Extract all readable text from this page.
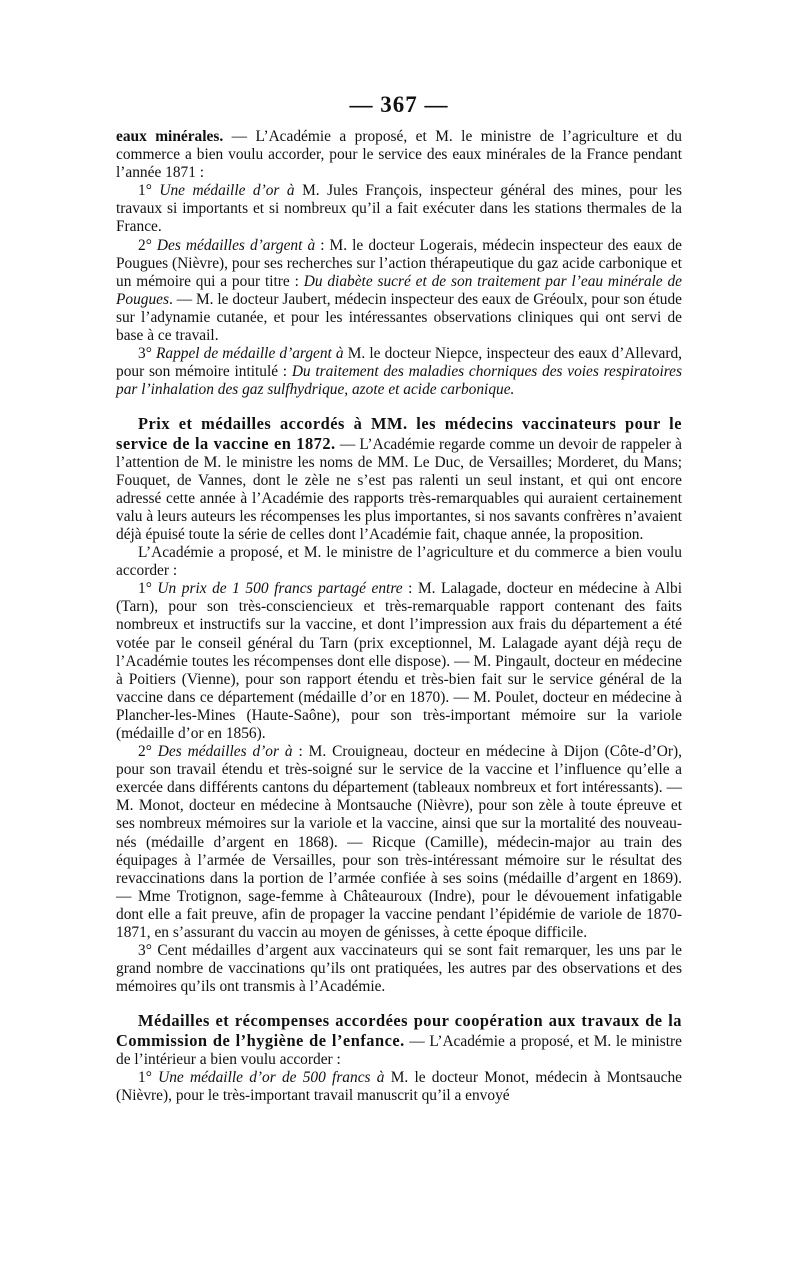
— 367 —

eaux minérales. — L’Académie a proposé, et M. le ministre de l’agriculture et du commerce a bien voulu accorder, pour le service des eaux minérales de la France pendant l’année 1871 :

1° Une médaille d’or à M. Jules François, inspecteur général des mines, pour les travaux si importants et si nombreux qu’il a fait exécuter dans les stations thermales de la France.

2° Des médailles d’argent à : M. le docteur Logerais, médecin inspecteur des eaux de Pougues (Nièvre), pour ses recherches sur l’action thérapeutique du gaz acide carbonique et un mémoire qui a pour titre : Du diabète sucré et de son traitement par l’eau minérale de Pougues. — M. le docteur Jaubert, médecin inspecteur des eaux de Gréoulx, pour son étude sur l’adynamie cutanée, et pour les intéressantes observations cliniques qui ont servi de base à ce travail.

3° Rappel de médaille d’argent à M. le docteur Niepce, inspecteur des eaux d’Allevard, pour son mémoire intitulé : Du traitement des maladies chorniques des voies respiratoires par l’inhalation des gaz sulfhydrique, azote et acide carbonique.

Prix et médailles accordés à MM. les médecins vaccinateurs pour le service de la vaccine en 1872. — L’Académie regarde comme un devoir de rappeler à l’attention de M. le ministre les noms de MM. Le Duc, de Versailles; Morderet, du Mans; Fouquet, de Vannes, dont le zèle ne s’est pas ralenti un seul instant, et qui ont encore adressé cette année à l’Académie des rapports très-remarquables qui auraient certainement valu à leurs auteurs les récompenses les plus importantes, si nos savants confrères n’avaient déjà épuisé toute la série de celles dont l’Académie fait, chaque année, la proposition.

L’Académie a proposé, et M. le ministre de l’agriculture et du commerce a bien voulu accorder :

1° Un prix de 1 500 francs partagé entre : M. Lalagade, docteur en médecine à Albi (Tarn), pour son très-consciencieux et très-remarquable rapport contenant des faits nombreux et instructifs sur la vaccine, et dont l’impression aux frais du département a été votée par le conseil général du Tarn (prix exceptionnel, M. Lalagade ayant déjà reçu de l’Académie toutes les récompenses dont elle dispose). — M. Pingault, docteur en médecine à Poitiers (Vienne), pour son rapport étendu et très-bien fait sur le service général de la vaccine dans ce département (médaille d’or en 1870). — M. Poulet, docteur en médecine à Plancher-les-Mines (Haute-Saône), pour son très-important mémoire sur la variole (médaille d’or en 1856).

2° Des médailles d’or à : M. Crouigneau, docteur en médecine à Dijon (Côte-d’Or), pour son travail étendu et très-soigné sur le service de la vaccine et l’influence qu’elle a exercée dans différents cantons du département (tableaux nombreux et fort intéressants). — M. Monot, docteur en médecine à Montsauche (Nièvre), pour son zèle à toute épreuve et ses nombreux mémoires sur la variole et la vaccine, ainsi que sur la mortalité des nouveau-nés (médaille d’argent en 1868). — Ricque (Camille), médecin-major au train des équipages à l’armée de Versailles, pour son très-intéressant mémoire sur le résultat des revaccinations dans la portion de l’armée confiée à ses soins (médaille d’argent en 1869). — Mme Trotignon, sage-femme à Châteauroux (Indre), pour le dévouement infatigable dont elle a fait preuve, afin de propager la vaccine pendant l’épidémie de variole de 1870-1871, en s’assurant du vaccin au moyen de génisses, à cette époque difficile.

3° Cent médailles d’argent aux vaccinateurs qui se sont fait remarquer, les uns par le grand nombre de vaccinations qu’ils ont pratiquées, les autres par des observations et des mémoires qu’ils ont transmis à l’Académie.

Médailles et récompenses accordées pour coopération aux travaux de la Commission de l’hygiène de l’enfance. — L’Académie a proposé, et M. le ministre de l’intérieur a bien voulu accorder :

1° Une médaille d’or de 500 francs à M. le docteur Monot, médecin à Montsauche (Nièvre), pour le très-important travail manuscrit qu’il a envoyé
